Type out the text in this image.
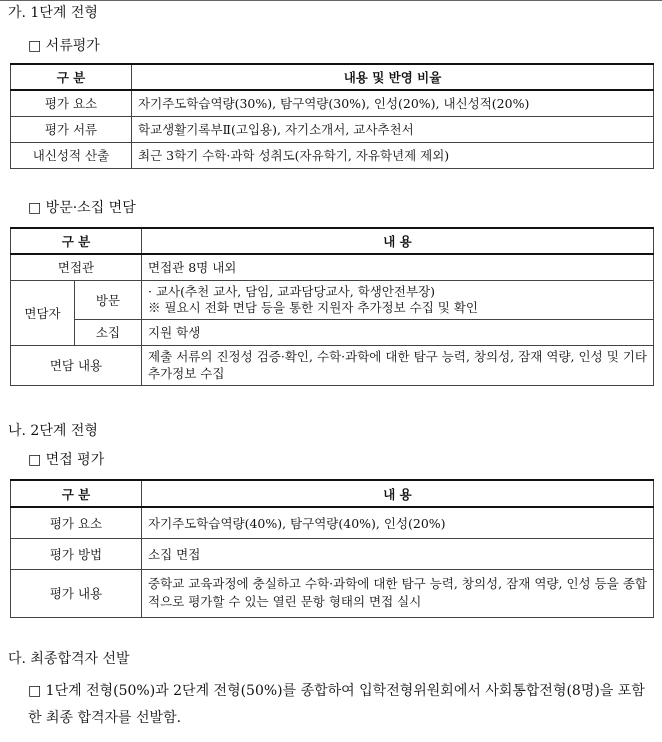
가. 1단계 전형
□ 서류평가
구 분	내용 및 반영 비율
평가 요소	자기주도학습역량(30%), 탐구역량(30%), 인성(20%), 내신성적(20%)
평가 서류	학교생활기록부Ⅱ(고입용), 자기소개서, 교사추천서
내신성적 산출	최근 3학기 수학·과학 성취도(자유학기, 자유학년제 제외)
□ 방문·소집 면담
구 분		내 용
면접관		면접관 8명 내외
면담자	방문	· 교사(추천 교사, 담임, 교과담당교사, 학생안전부장)
※ 필요시 전화 면담 등을 통한 지원자 추가정보 수집 및 확인

	소집	지원 학생
면담 내용		제출 서류의 진정성 검증·확인, 수학·과학에 대한 탐구 능력, 창의성, 잠재 역량, 인성 및 기타 추가정보 수집
나. 2단계 전형
□ 면접 평가
구 분	내 용
평가 요소	자기주도학습역량(40%), 탐구역량(40%), 인성(20%)
평가 방법	소집 면접
평가 내용	중학교 교육과정에 충실하고 수학·과학에 대한 탐구 능력, 창의성, 잠재 역량, 인성 등을 종합적으로 평가할 수 있는 열린 문항 형태의 면접 실시
다. 최종합격자 선발
□ 1단계 전형(50%)과 2단계 전형(50%)를 종합하여 입학전형위원회에서 사회통합전형(8명)을 포함한 최종 합격자를 선발함.
